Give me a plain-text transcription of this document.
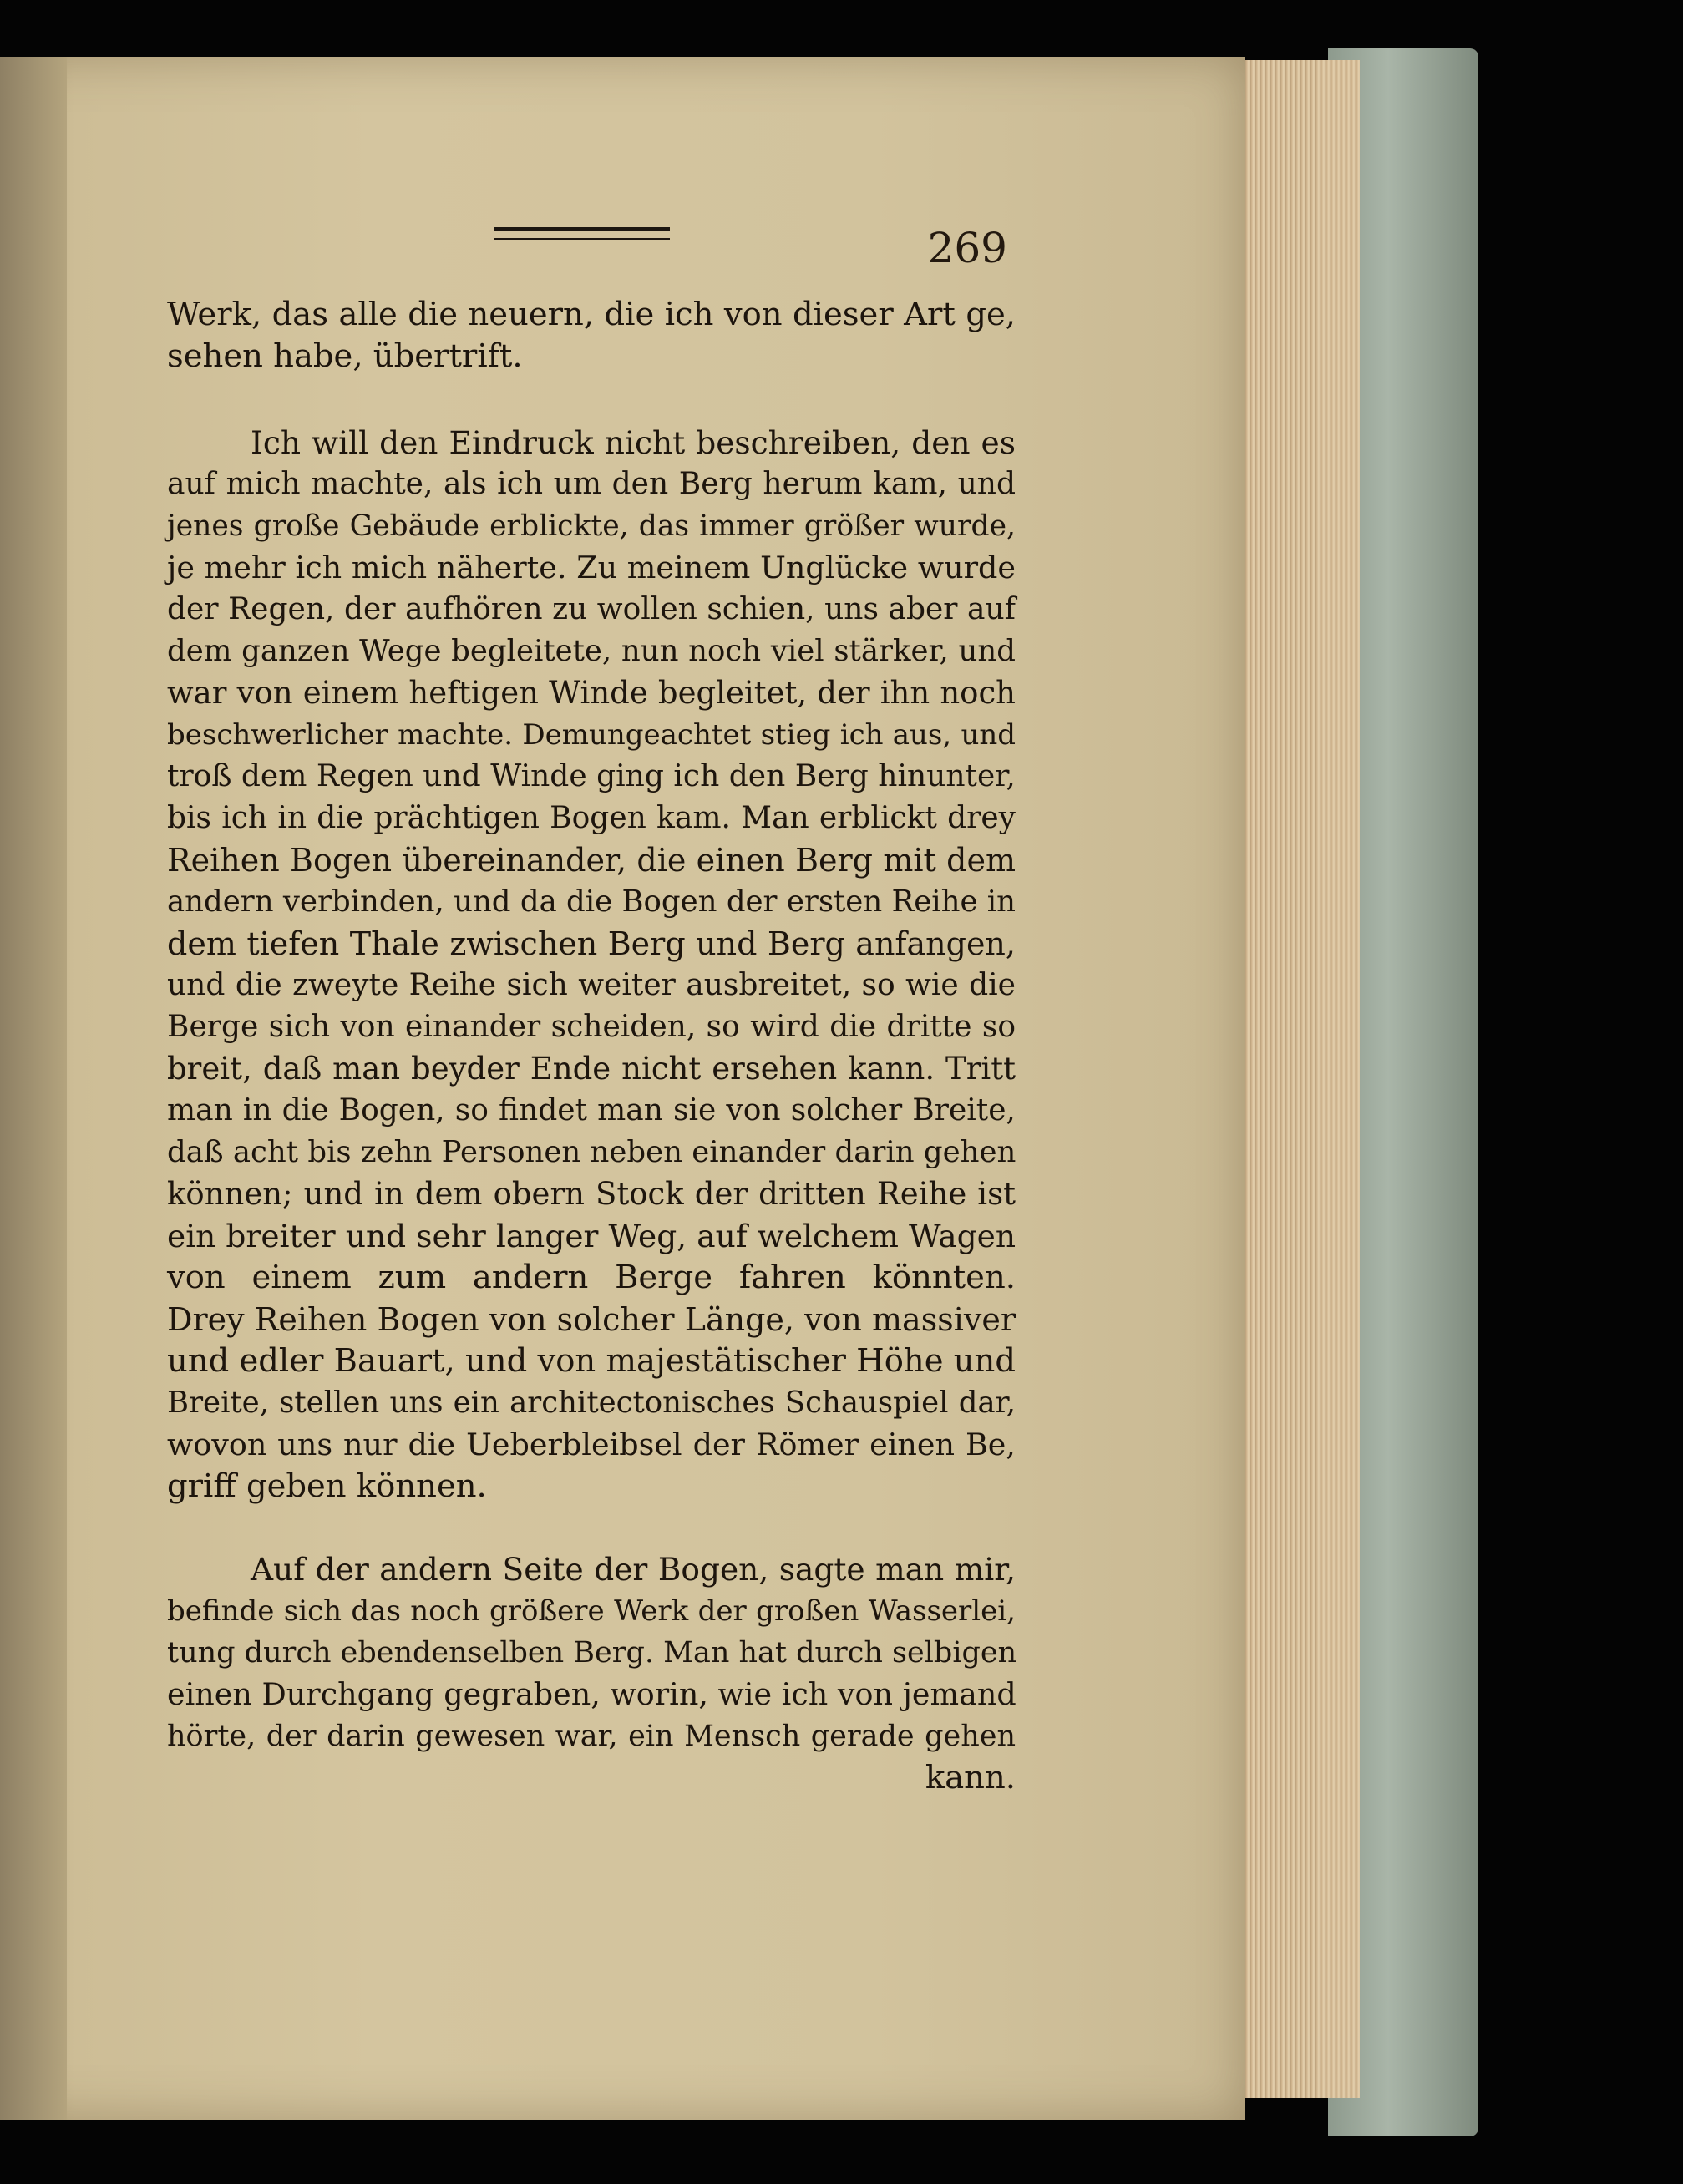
269
Werk, das alle die neuern, die ich von dieser Art ge,
sehen habe, übertrift.
Ich will den Eindruck nicht beschreiben, den es
auf mich machte, als ich um den Berg herum kam, und
jenes große Gebäude erblickte, das immer größer wurde,
je mehr ich mich näherte. Zu meinem Unglücke wurde
der Regen, der aufhören zu wollen schien, uns aber auf
dem ganzen Wege begleitete, nun noch viel stärker, und
war von einem heftigen Winde begleitet, der ihn noch
beschwerlicher machte. Demungeachtet stieg ich aus, und
troß dem Regen und Winde ging ich den Berg hinunter,
bis ich in die prächtigen Bogen kam. Man erblickt drey
Reihen Bogen übereinander, die einen Berg mit dem
andern verbinden, und da die Bogen der ersten Reihe in
dem tiefen Thale zwischen Berg und Berg anfangen,
und die zweyte Reihe sich weiter ausbreitet, so wie die
Berge sich von einander scheiden, so wird die dritte so
breit, daß man beyder Ende nicht ersehen kann. Tritt
man in die Bogen, so findet man sie von solcher Breite,
daß acht bis zehn Personen neben einander darin gehen
können; und in dem obern Stock der dritten Reihe ist
ein breiter und sehr langer Weg, auf welchem Wagen
von einem zum andern Berge fahren könnten.
Drey Reihen Bogen von solcher Länge, von massiver
und edler Bauart, und von majestätischer Höhe und
Breite, stellen uns ein architectonisches Schauspiel dar,
wovon uns nur die Ueberbleibsel der Römer einen Be,
griff geben können.
Auf der andern Seite der Bogen, sagte man mir,
befinde sich das noch größere Werk der großen Wasserlei,
tung durch ebendenselben Berg. Man hat durch selbigen
einen Durchgang gegraben, worin, wie ich von jemand
hörte, der darin gewesen war, ein Mensch gerade gehen
kann.
